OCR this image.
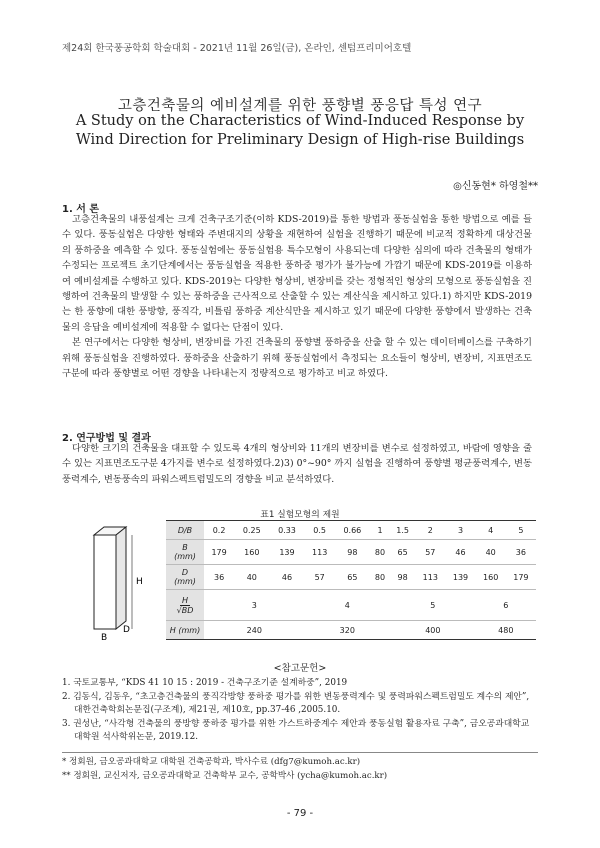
제24회 한국풍공학회 학술대회 - 2021년 11월 26일(금), 온라인, 센텀프리미어호텔
고층건축물의 예비설계를 위한 풍향별 풍응답 특성 연구
A Study on the Characteristics of Wind-Induced Response by Wind Direction for Preliminary Design of High-rise Buildings
◎신동현* 하영철**
1. 서 론

고층건축물의 내풍설계는 크게 건축구조기준(이하 KDS-2019)를 통한 방법과 풍동실험을 통한 방법으로 예를 들 수 있다. 풍동실험은 다양한 형태와 주변대지의 상황을 재현하여 실험을 진행하기 때문에 비교적 정확하게 대상건물의 풍하중을 예측할 수 있다. 풍동실험에는 풍동실험용 특수모형이 사용되는데 다양한 심의에 따라 건축물의 형태가 수정되는 프로젝트 초기단계에서는 풍동실험을 적용한 풍하중 평가가 불가능에 가깝기 때문에 KDS-2019를 이용하여 예비설계를 수행하고 있다. KDS-2019는 다양한 형상비, 변장비를 갖는 정형적인 형상의 모형으로 풍동실험을 진행하여 건축물의 발생할 수 있는 풍하중을 근사적으로 산출할 수 있는 계산식을 제시하고 있다.1) 하지만 KDS-2019는 한 풍향에 대한 풍방향, 풍직각, 비틀림 풍하중 계산식만을 제시하고 있기 때문에 다양한 풍향에서 발생하는 건축물의 응답을 예비설계에 적용할 수 없다는 단점이 있다.

본 연구에서는 다양한 형상비, 변장비를 가진 건축물의 풍향별 풍하중을 산출 할 수 있는 데이터베이스를 구축하기 위해 풍동실험을 진행하였다. 풍하중을 산출하기 위해 풍동실험에서 측정되는 요소들이 형상비, 변장비, 지표면조도구분에 따라 풍향별로 어떤 경향을 나타내는지 정량적으로 평가하고 비교 하였다.

2. 연구방법 및 결과

다양한 크기의 건축물을 대표할 수 있도록 4개의 형상비와 11개의 변장비를 변수로 설정하였고, 바람에 영향을 줄 수 있는 지표면조도구분 4가지를 변수로 설정하였다.2)3) 0°~90° 까지 실험을 진행하여 풍향별 평균풍력계수, 변동풍력계수, 변동풍속의 파워스펙트럼밀도의 경향을 비교 분석하였다.

H
B
D
표1 실험모형의 제원
D/B	0.2	0.25	0.33	0.5	0.66	1	1.5	2	3	4	5
B
(mm)	179	160	139	113	98	80	65	57	46	40	36
D
(mm)	36	40	46	57	65	80	98	113	139	160	179
H
√BD	3			4			5			6	
H (mm)	240			320			400			480	
<참고문헌>
1. 국토교통부, “KDS 41 10 15 : 2019 - 건축구조기준 설계하중”, 2019
2. 김동식, 김동우, “초고층건축물의 풍직각방향 풍하중 평가를 위한 변동풍력계수 및 풍력파워스펙트럼밀도 계수의 제안”, 대한건축학회논문집(구조계), 제21권, 제10호, pp.37-46 ,2005.10.
3. 권성난, “사각형 건축물의 풍방향 풍하중 평가를 위한 가스트하중계수 제안과 풍동실험 활용자료 구축”, 금오공과대학교 대학원 석사학위논문, 2019.12.
* 정회원, 금오공과대학교 대학원 건축공학과, 박사수료 (dfg7@kumoh.ac.kr)
** 정회원, 교신저자, 금오공과대학교 건축학부 교수, 공학박사 (ycha@kumoh.ac.kr)
- 79 -
